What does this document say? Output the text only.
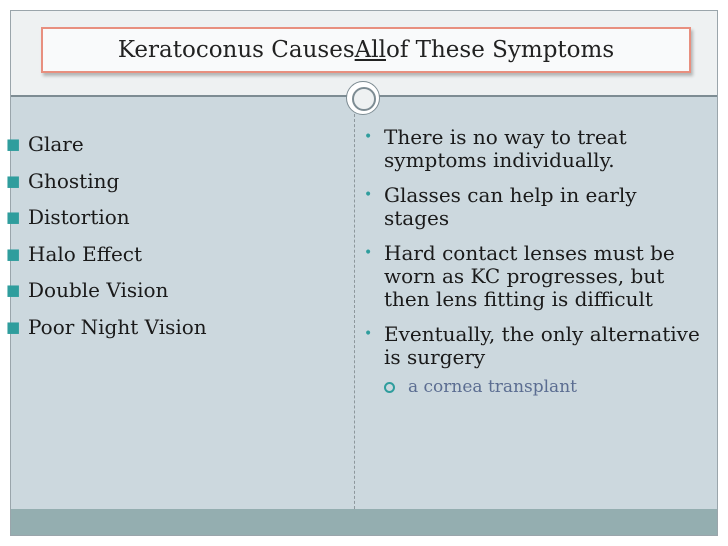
Keratoconus Causes All of These Symptoms
■ Glare
■ Ghosting
■ Distortion
■ Halo Effect
■ Double Vision
■ Poor Night Vision
• There is no way to treat symptoms individually.
• Glasses can help in early stages
• Hard contact lenses must be worn as KC progresses, but then lens fitting is difficult
• Eventually, the only alternative is surgery
a cornea transplant
